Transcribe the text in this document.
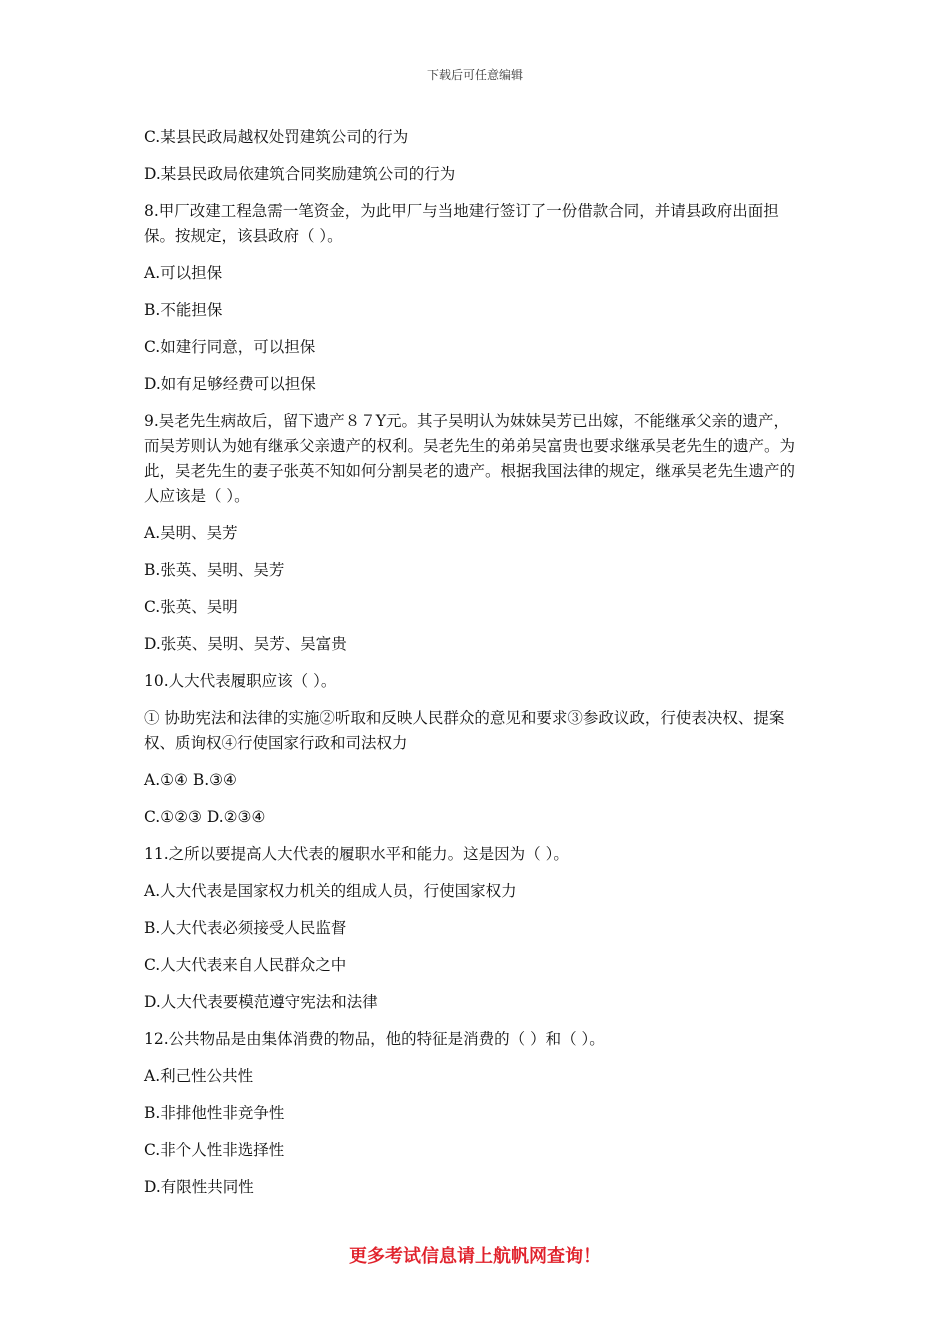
下载后可任意编辑

C.某县民政局越权处罚建筑公司的行为

D.某县民政局依建筑合同奖励建筑公司的行为

8.甲厂改建工程急需一笔资金，为此甲厂与当地建行签订了一份借款合同，并请县政府出面担保。按规定，该县政府（ ）。

A.可以担保

B.不能担保

C.如建行同意，可以担保

D.如有足够经费可以担保

9.吴老先生病故后，留下遗产８７Y元。其子吴明认为妹妹吴芳已出嫁，不能继承父亲的遗产，而吴芳则认为她有继承父亲遗产的权利。吴老先生的弟弟吴富贵也要求继承吴老先生的遗产。为此，吴老先生的妻子张英不知如何分割吴老的遗产。根据我国法律的规定，继承吴老先生遗产的人应该是（ ）。

A.吴明、吴芳

B.张英、吴明、吴芳

C.张英、吴明

D.张英、吴明、吴芳、吴富贵

10.人大代表履职应该（ ）。

① 协助宪法和法律的实施②听取和反映人民群众的意见和要求③参政议政，行使表决权、提案权、质询权④行使国家行政和司法权力

A.①④ B.③④

C.①②③ D.②③④

11.之所以要提高人大代表的履职水平和能力。这是因为（ ）。

A.人大代表是国家权力机关的组成人员，行使国家权力

B.人大代表必须接受人民监督

C.人大代表来自人民群众之中

D.人大代表要模范遵守宪法和法律

12.公共物品是由集体消费的物品，他的特征是消费的（ ）和（ ）。

A.利己性公共性

B.非排他性非竞争性

C.非个人性非选择性

D.有限性共同性

更多考试信息请上航帆网查询！
